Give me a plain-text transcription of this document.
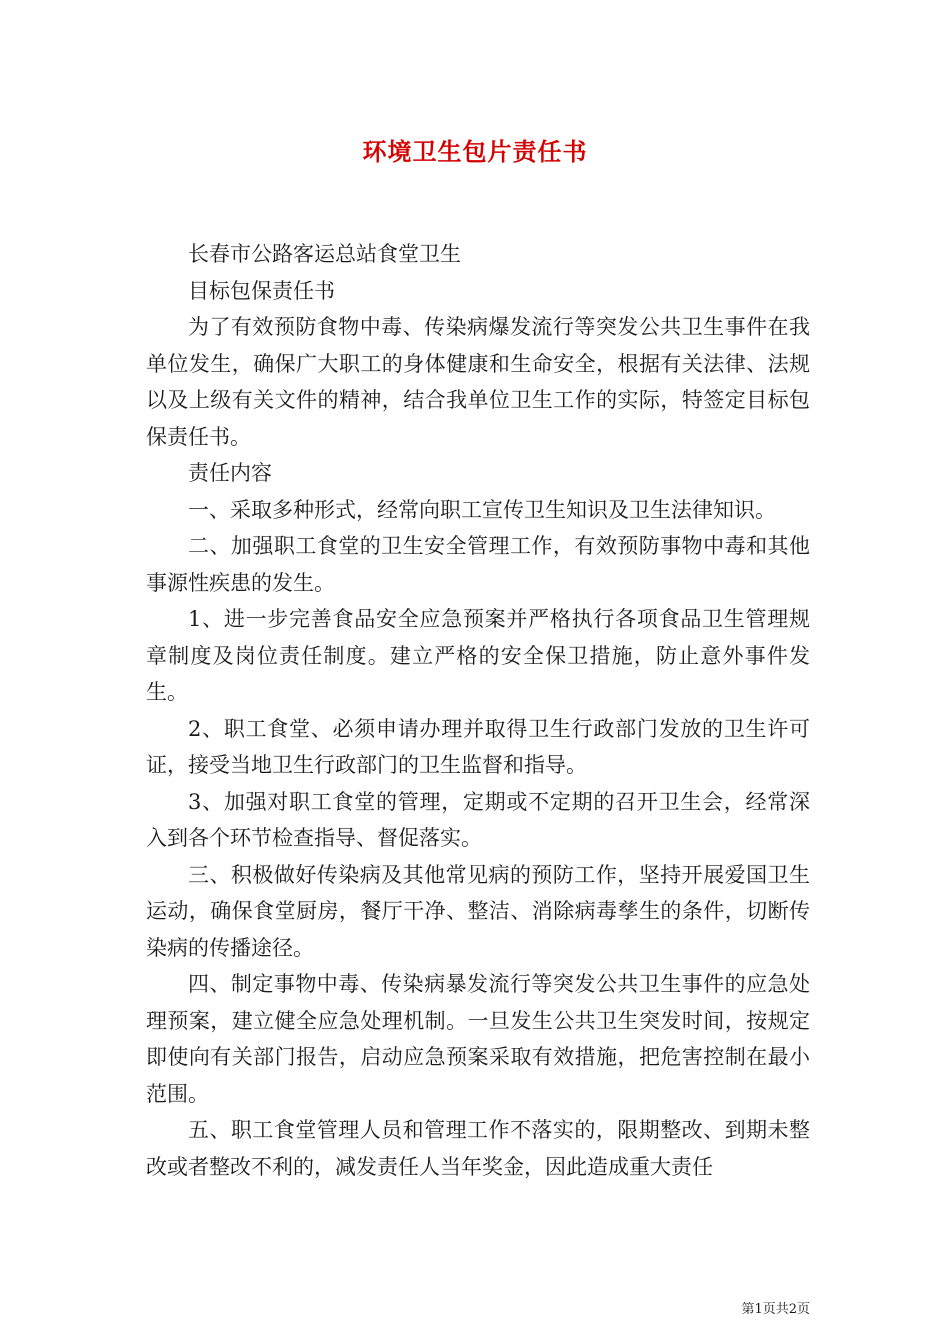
环境卫生包片责任书

长春市公路客运总站食堂卫生

目标包保责任书

为了有效预防食物中毒、传染病爆发流行等突发公共卫生事件在我单位发生，确保广大职工的身体健康和生命安全，根据有关法律、法规以及上级有关文件的精神，结合我单位卫生工作的实际，特签定目标包保责任书。

责任内容

一、采取多种形式，经常向职工宣传卫生知识及卫生法律知识。

二、加强职工食堂的卫生安全管理工作，有效预防事物中毒和其他事源性疾患的发生。

1、进一步完善食品安全应急预案并严格执行各项食品卫生管理规章制度及岗位责任制度。建立严格的安全保卫措施，防止意外事件发生。

2、职工食堂、必须申请办理并取得卫生行政部门发放的卫生许可证，接受当地卫生行政部门的卫生监督和指导。

3、加强对职工食堂的管理，定期或不定期的召开卫生会，经常深入到各个环节检查指导、督促落实。

三、积极做好传染病及其他常见病的预防工作，坚持开展爱国卫生运动，确保食堂厨房，餐厅干净、整洁、消除病毒孳生的条件，切断传染病的传播途径。

四、制定事物中毒、传染病暴发流行等突发公共卫生事件的应急处理预案，建立健全应急处理机制。一旦发生公共卫生突发时间，按规定即使向有关部门报告，启动应急预案采取有效措施，把危害控制在最小范围。

五、职工食堂管理人员和管理工作不落实的，限期整改、到期未整改或者整改不利的，减发责任人当年奖金，因此造成重大责任

第1页共2页
